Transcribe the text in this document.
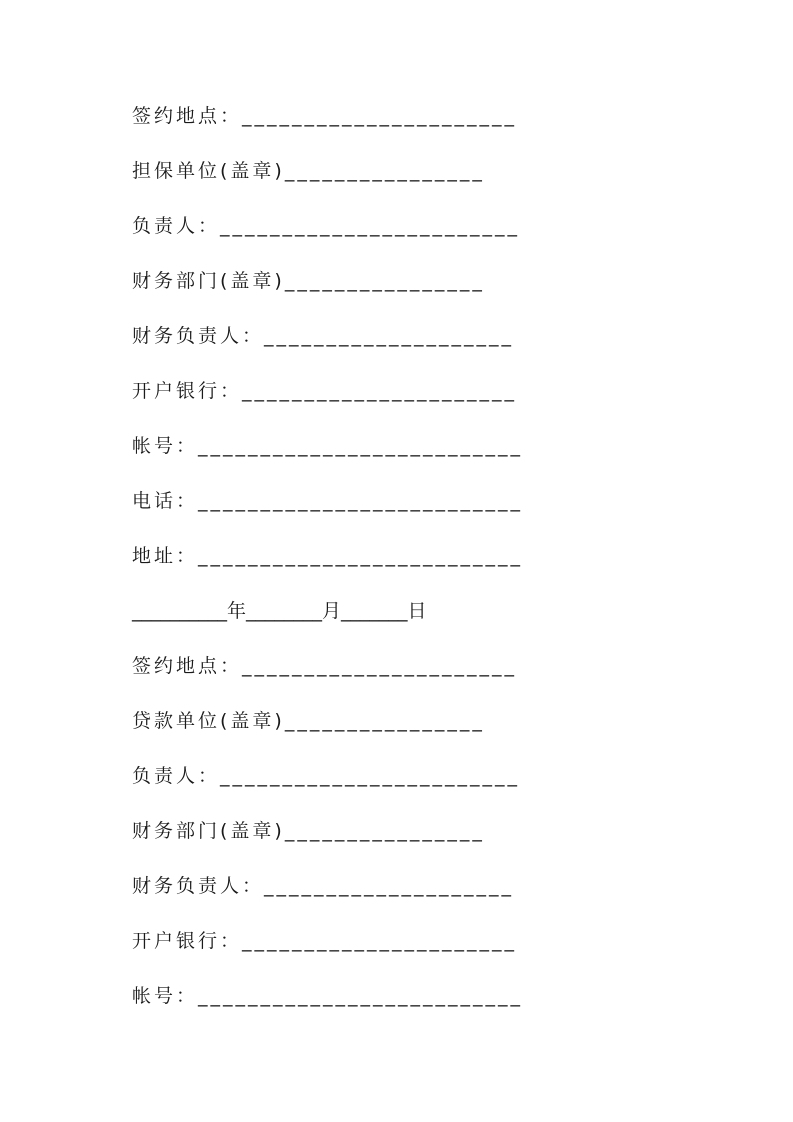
签约地点：______________________
担保单位(盖章)________________
负责人：________________________
财务部门(盖章)________________
财务负责人：____________________
开户银行：______________________
帐号：__________________________
电话：__________________________
地址：__________________________
__________年________月_______日
签约地点：______________________
贷款单位(盖章)________________
负责人：________________________
财务部门(盖章)________________
财务负责人：____________________
开户银行：______________________
帐号：__________________________
